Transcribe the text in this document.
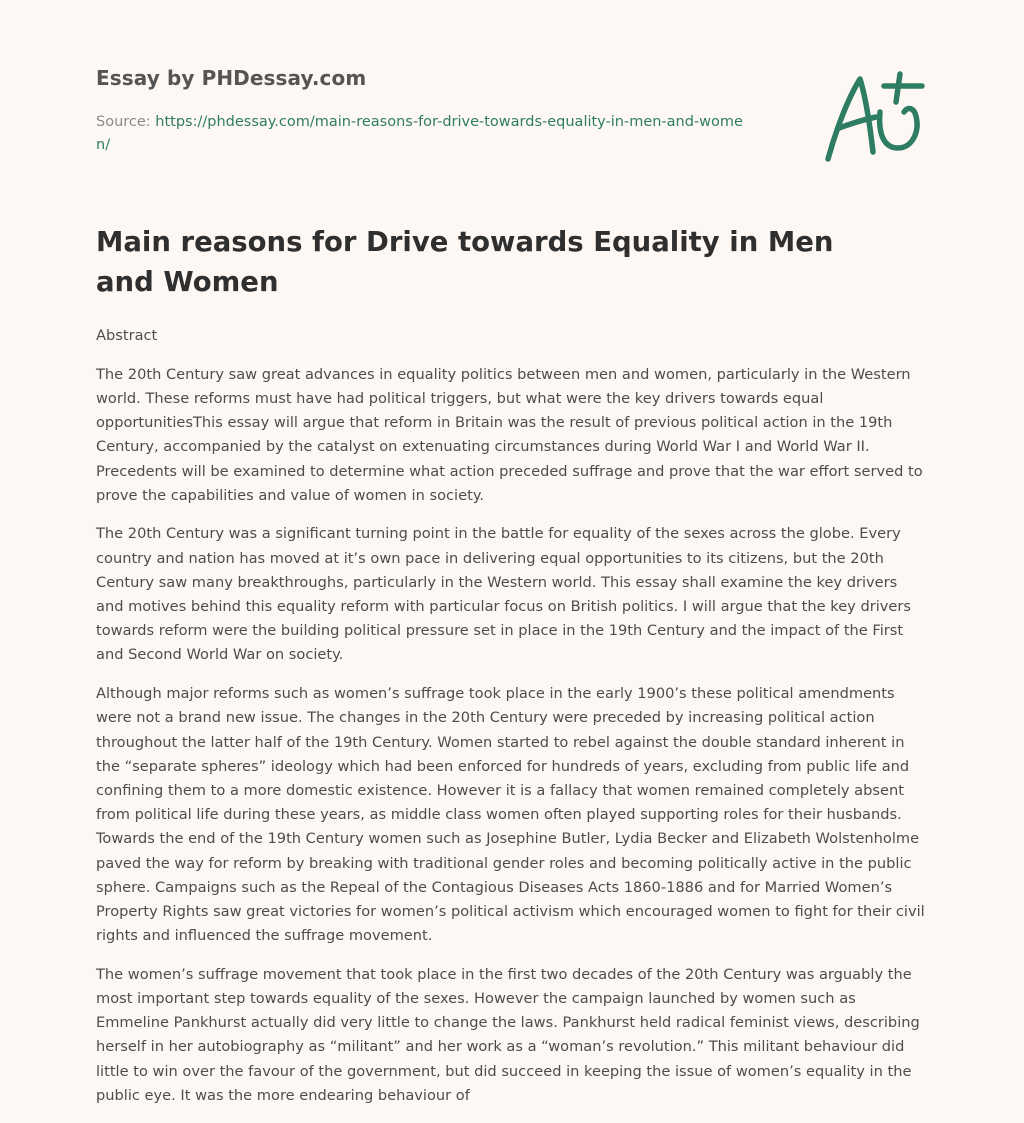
Essay by PHDessay.com
Source: https://phdessay.com/main-reasons-for-drive-towards-equality-in-men-and-women/
Main reasons for Drive towards Equality in Men and Women

Abstract

The 20th Century saw great advances in equality politics between men and women, particularly in the Western world. These reforms must have had political triggers, but what were the key drivers towards equal opportunitiesThis essay will argue that reform in Britain was the result of previous political action in the 19th Century, accompanied by the catalyst on extenuating circumstances during World War I and World War II. Precedents will be examined to determine what action preceded suffrage and prove that the war effort served to prove the capabilities and value of women in society.

The 20th Century was a significant turning point in the battle for equality of the sexes across the globe. Every country and nation has moved at it’s own pace in delivering equal opportunities to its citizens, but the 20th Century saw many breakthroughs, particularly in the Western world. This essay shall examine the key drivers and motives behind this equality reform with particular focus on British politics. I will argue that the key drivers towards reform were the building political pressure set in place in the 19th Century and the impact of the First and Second World War on society.

Although major reforms such as women’s suffrage took place in the early 1900’s these political amendments were not a brand new issue. The changes in the 20th Century were preceded by increasing political action throughout the latter half of the 19th Century. Women started to rebel against the double standard inherent in the “separate spheres” ideology which had been enforced for hundreds of years, excluding from public life and confining them to a more domestic existence. However it is a fallacy that women remained completely absent from political life during these years, as middle class women often played supporting roles for their husbands. Towards the end of the 19th Century women such as Josephine Butler, Lydia Becker and Elizabeth Wolstenholme paved the way for reform by breaking with traditional gender roles and becoming politically active in the public sphere. Campaigns such as the Repeal of the Contagious Diseases Acts 1860-1886 and for Married Women’s Property Rights saw great victories for women’s political activism which encouraged women to fight for their civil rights and influenced the suffrage movement.

The women’s suffrage movement that took place in the first two decades of the 20th Century was arguably the most important step towards equality of the sexes. However the campaign launched by women such as Emmeline Pankhurst actually did very little to change the laws. Pankhurst held radical feminist views, describing herself in her autobiography as “militant” and her work as a “woman’s revolution.” This militant behaviour did little to win over the favour of the government, but did succeed in keeping the issue of women’s equality in the public eye. It was the more endearing behaviour of
